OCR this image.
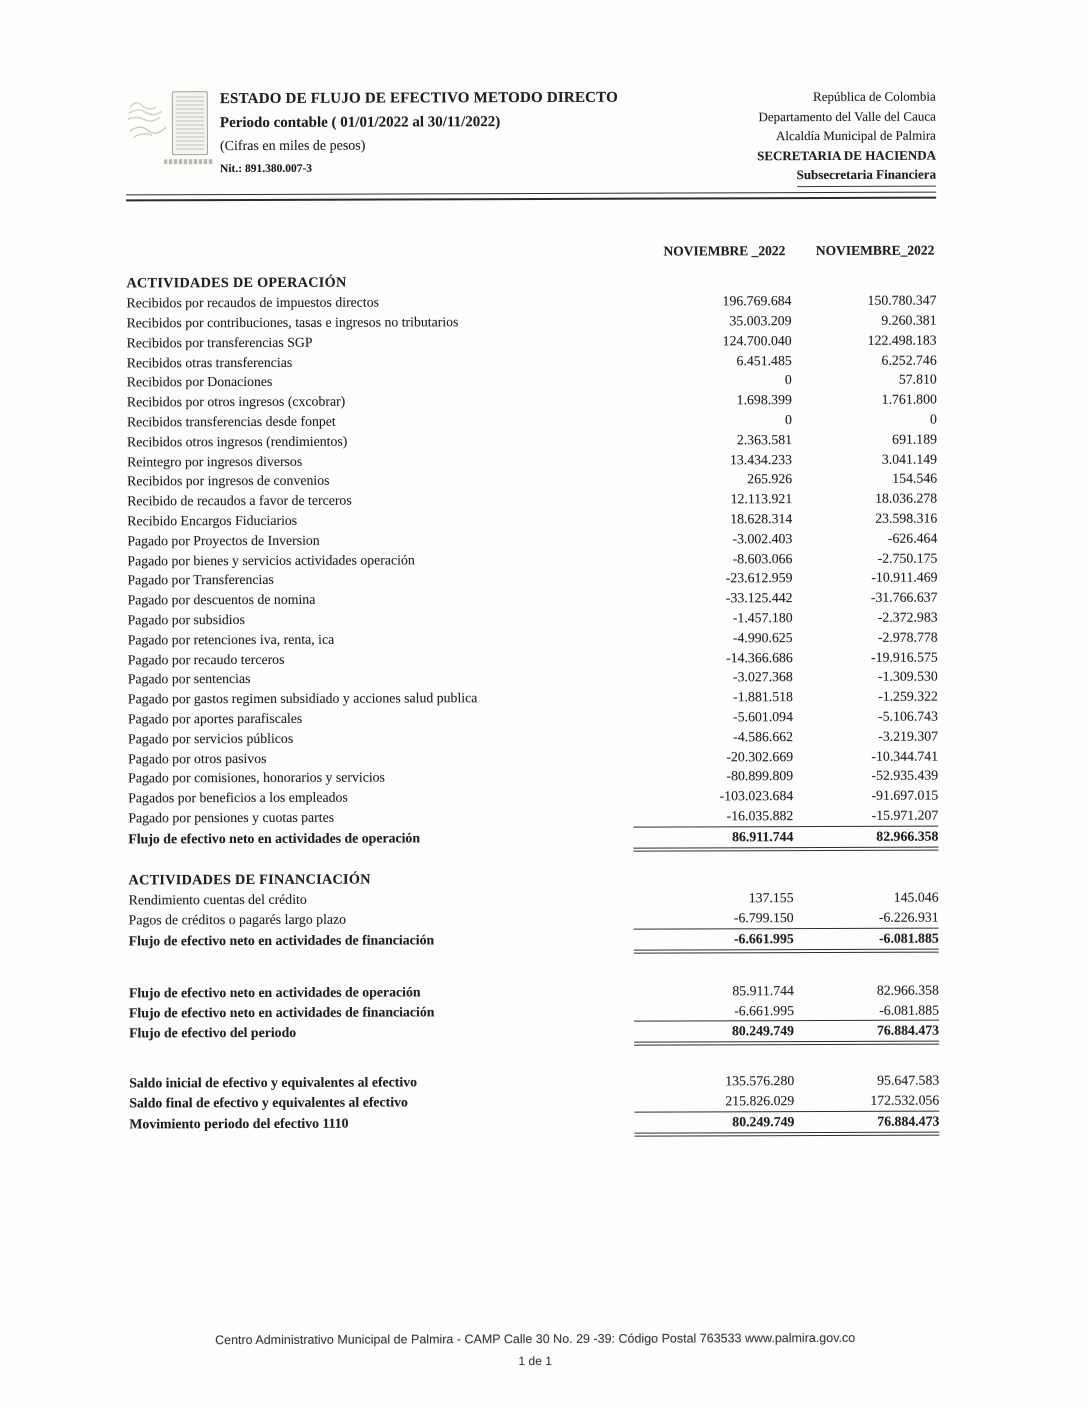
ESTADO DE FLUJO DE EFECTIVO METODO DIRECTO
Periodo contable ( 01/01/2022 al 30/11/2022)
(Cifras en miles de pesos)
Nit.: 891.380.007-3
República de Colombia
Departamento del Valle del Cauca
Alcaldía Municipal de Palmira
SECRETARIA DE HACIENDA
Subsecretaria Financiera
NOVIEMBRE _2022	NOVIEMBRE_2022
ACTIVIDADES DE OPERACIÓN
Recibidos por recaudos de impuestos directos	196.769.684	150.780.347
Recibidos por contribuciones, tasas e ingresos no tributarios	35.003.209	9.260.381
Recibidos por transferencias SGP	124.700.040	122.498.183
Recibidos otras transferencias	6.451.485	6.252.746
Recibidos por Donaciones	0	57.810
Recibidos por otros ingresos (cxcobrar)	1.698.399	1.761.800
Recibidos transferencias desde fonpet	0	0
Recibidos otros ingresos (rendimientos)	2.363.581	691.189
Reintegro por ingresos diversos	13.434.233	3.041.149
Recibidos por ingresos de convenios	265.926	154.546
Recibido de recaudos a favor de terceros	12.113.921	18.036.278
Recibido Encargos Fiduciarios	18.628.314	23.598.316
Pagado por Proyectos de Inversion	-3.002.403	-626.464
Pagado por bienes y servicios actividades operación	-8.603.066	-2.750.175
Pagado por Transferencias	-23.612.959	-10.911.469
Pagado por descuentos de nomina	-33.125.442	-31.766.637
Pagado por subsidios	-1.457.180	-2.372.983
Pagado por retenciones iva, renta, ica	-4.990.625	-2.978.778
Pagado por recaudo terceros	-14.366.686	-19.916.575
Pagado por sentencias	-3.027.368	-1.309.530
Pagado por gastos regimen subsidiado y acciones salud publica	-1.881.518	-1.259.322
Pagado por aportes parafiscales	-5.601.094	-5.106.743
Pagado por servicios públicos	-4.586.662	-3.219.307
Pagado por otros pasivos	-20.302.669	-10.344.741
Pagado por comisiones, honorarios y servicios	-80.899.809	-52.935.439
Pagados por beneficios a los empleados	-103.023.684	-91.697.015
Pagado por pensiones y cuotas partes	-16.035.882	-15.971.207
Flujo de efectivo neto en actividades de operación	86.911.744	82.966.358
ACTIVIDADES DE FINANCIACIÓN
Rendimiento cuentas del crédito	137.155	145.046
Pagos de créditos o pagarés largo plazo	-6.799.150	-6.226.931
Flujo de efectivo neto en actividades de financiación	-6.661.995	-6.081.885
Flujo de efectivo neto en actividades de operación	85.911.744	82.966.358
Flujo de efectivo neto en actividades de financiación	-6.661.995	-6.081.885
Flujo de efectivo del periodo	80.249.749	76.884.473
Saldo inicial de efectivo y equivalentes al efectivo	135.576.280	95.647.583
Saldo final de efectivo y equivalentes al efectivo	215.826.029	172.532.056
Movimiento periodo del efectivo 1110	80.249.749	76.884.473
Centro Administrativo Municipal de Palmira - CAMP Calle 30 No. 29 -39: Código Postal 763533 www.palmira.gov.co
1 de 1
